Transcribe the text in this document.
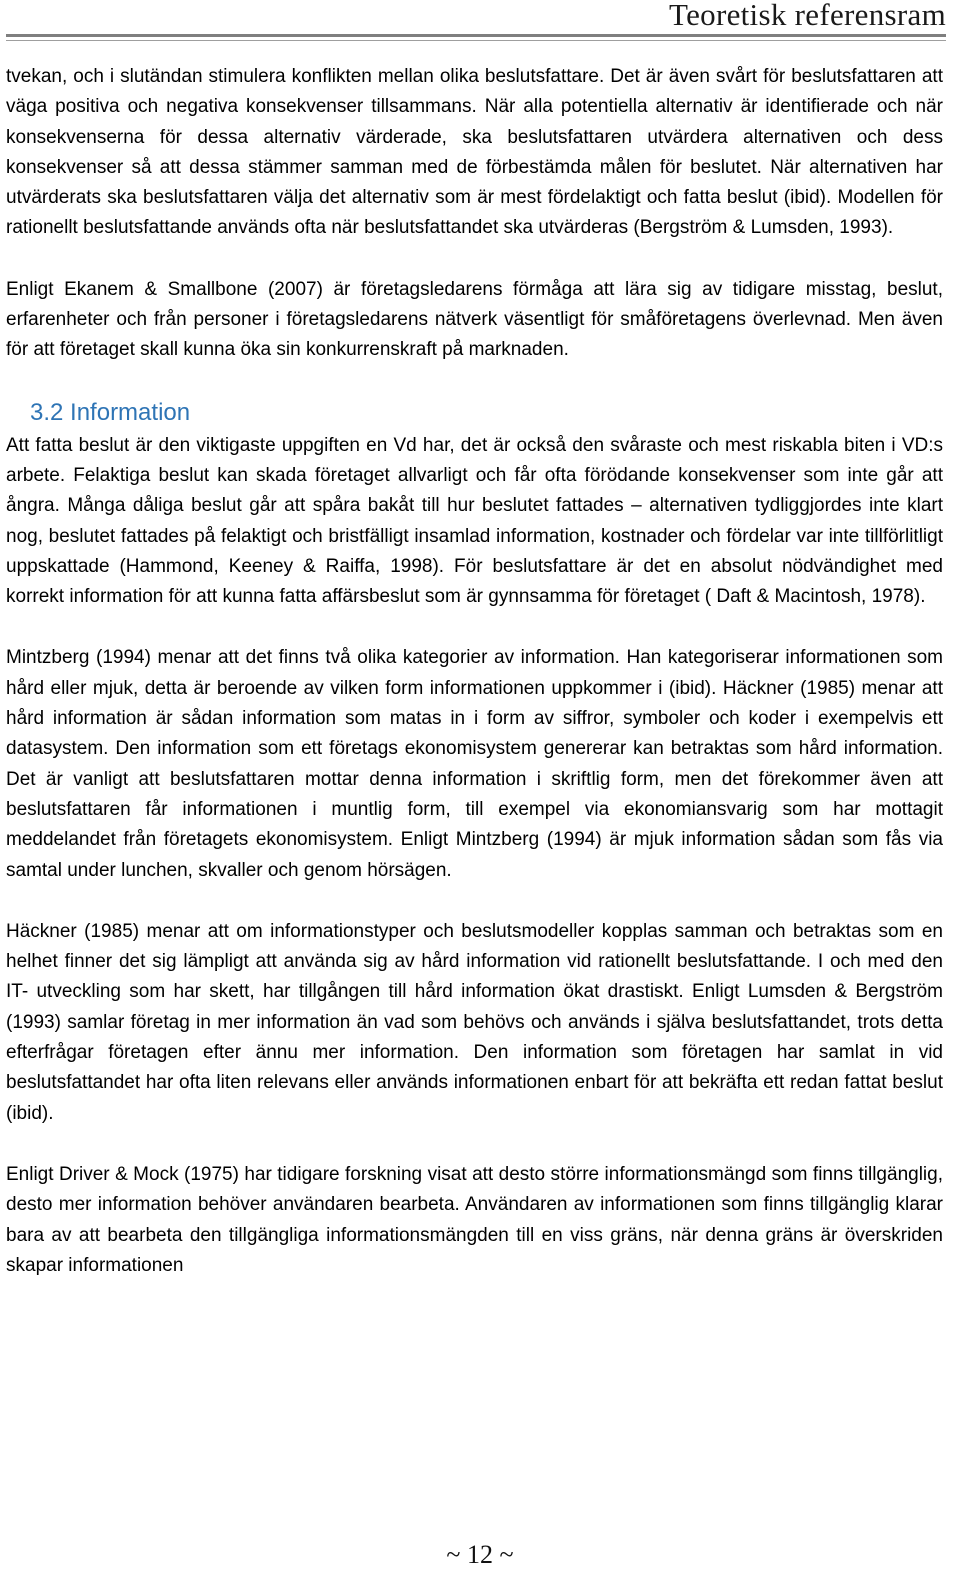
Teoretisk referensram

tvekan, och i slutändan stimulera konflikten mellan olika beslutsfattare. Det är även svårt för beslutsfattaren att väga positiva och negativa konsekvenser tillsammans. När alla potentiella alternativ är identifierade och när konsekvenserna för dessa alternativ värderade, ska beslutsfattaren utvärdera alternativen och dess konsekvenser så att dessa stämmer samman med de förbestämda målen för beslutet. När alternativen har utvärderats ska beslutsfattaren välja det alternativ som är mest fördelaktigt och fatta beslut (ibid). Modellen för rationellt beslutsfattande används ofta när beslutsfattandet ska utvärderas (Bergström & Lumsden, 1993).

Enligt Ekanem & Smallbone (2007) är företagsledarens förmåga att lära sig av tidigare misstag, beslut, erfarenheter och från personer i företagsledarens nätverk väsentligt för småföretagens överlevnad. Men även för att företaget skall kunna öka sin konkurrenskraft på marknaden.

3.2 Information

Att fatta beslut är den viktigaste uppgiften en Vd har, det är också den svåraste och mest riskabla biten i VD:s arbete. Felaktiga beslut kan skada företaget allvarligt och får ofta förödande konsekvenser som inte går att ångra. Många dåliga beslut går att spåra bakåt till hur beslutet fattades – alternativen tydliggjordes inte klart nog, beslutet fattades på felaktigt och bristfälligt insamlad information, kostnader och fördelar var inte tillförlitligt uppskattade (Hammond, Keeney & Raiffa, 1998). För beslutsfattare är det en absolut nödvändighet med korrekt information för att kunna fatta affärsbeslut som är gynnsamma för företaget ( Daft & Macintosh, 1978).

Mintzberg (1994) menar att det finns två olika kategorier av information. Han kategoriserar informationen som hård eller mjuk, detta är beroende av vilken form informationen uppkommer i (ibid). Häckner (1985) menar att hård information är sådan information som matas in i form av siffror, symboler och koder i exempelvis ett datasystem. Den information som ett företags ekonomisystem genererar kan betraktas som hård information. Det är vanligt att beslutsfattaren mottar denna information i skriftlig form, men det förekommer även att beslutsfattaren får informationen i muntlig form, till exempel via ekonomiansvarig som har mottagit meddelandet från företagets ekonomisystem. Enligt Mintzberg (1994) är mjuk information sådan som fås via samtal under lunchen, skvaller och genom hörsägen.

Häckner (1985) menar att om informationstyper och beslutsmodeller kopplas samman och betraktas som en helhet finner det sig lämpligt att använda sig av hård information vid rationellt beslutsfattande. I och med den IT- utveckling som har skett, har tillgången till hård information ökat drastiskt. Enligt Lumsden & Bergström (1993) samlar företag in mer information än vad som behövs och används i själva beslutsfattandet, trots detta efterfrågar företagen efter ännu mer information. Den information som företagen har samlat in vid beslutsfattandet har ofta liten relevans eller används informationen enbart för att bekräfta ett redan fattat beslut (ibid).

Enligt Driver & Mock (1975) har tidigare forskning visat att desto större informationsmängd som finns tillgänglig, desto mer information behöver användaren bearbeta. Användaren av informationen som finns tillgänglig klarar bara av att bearbeta den tillgängliga informationsmängden till en viss gräns, när denna gräns är överskriden skapar informationen

~ 12 ~
